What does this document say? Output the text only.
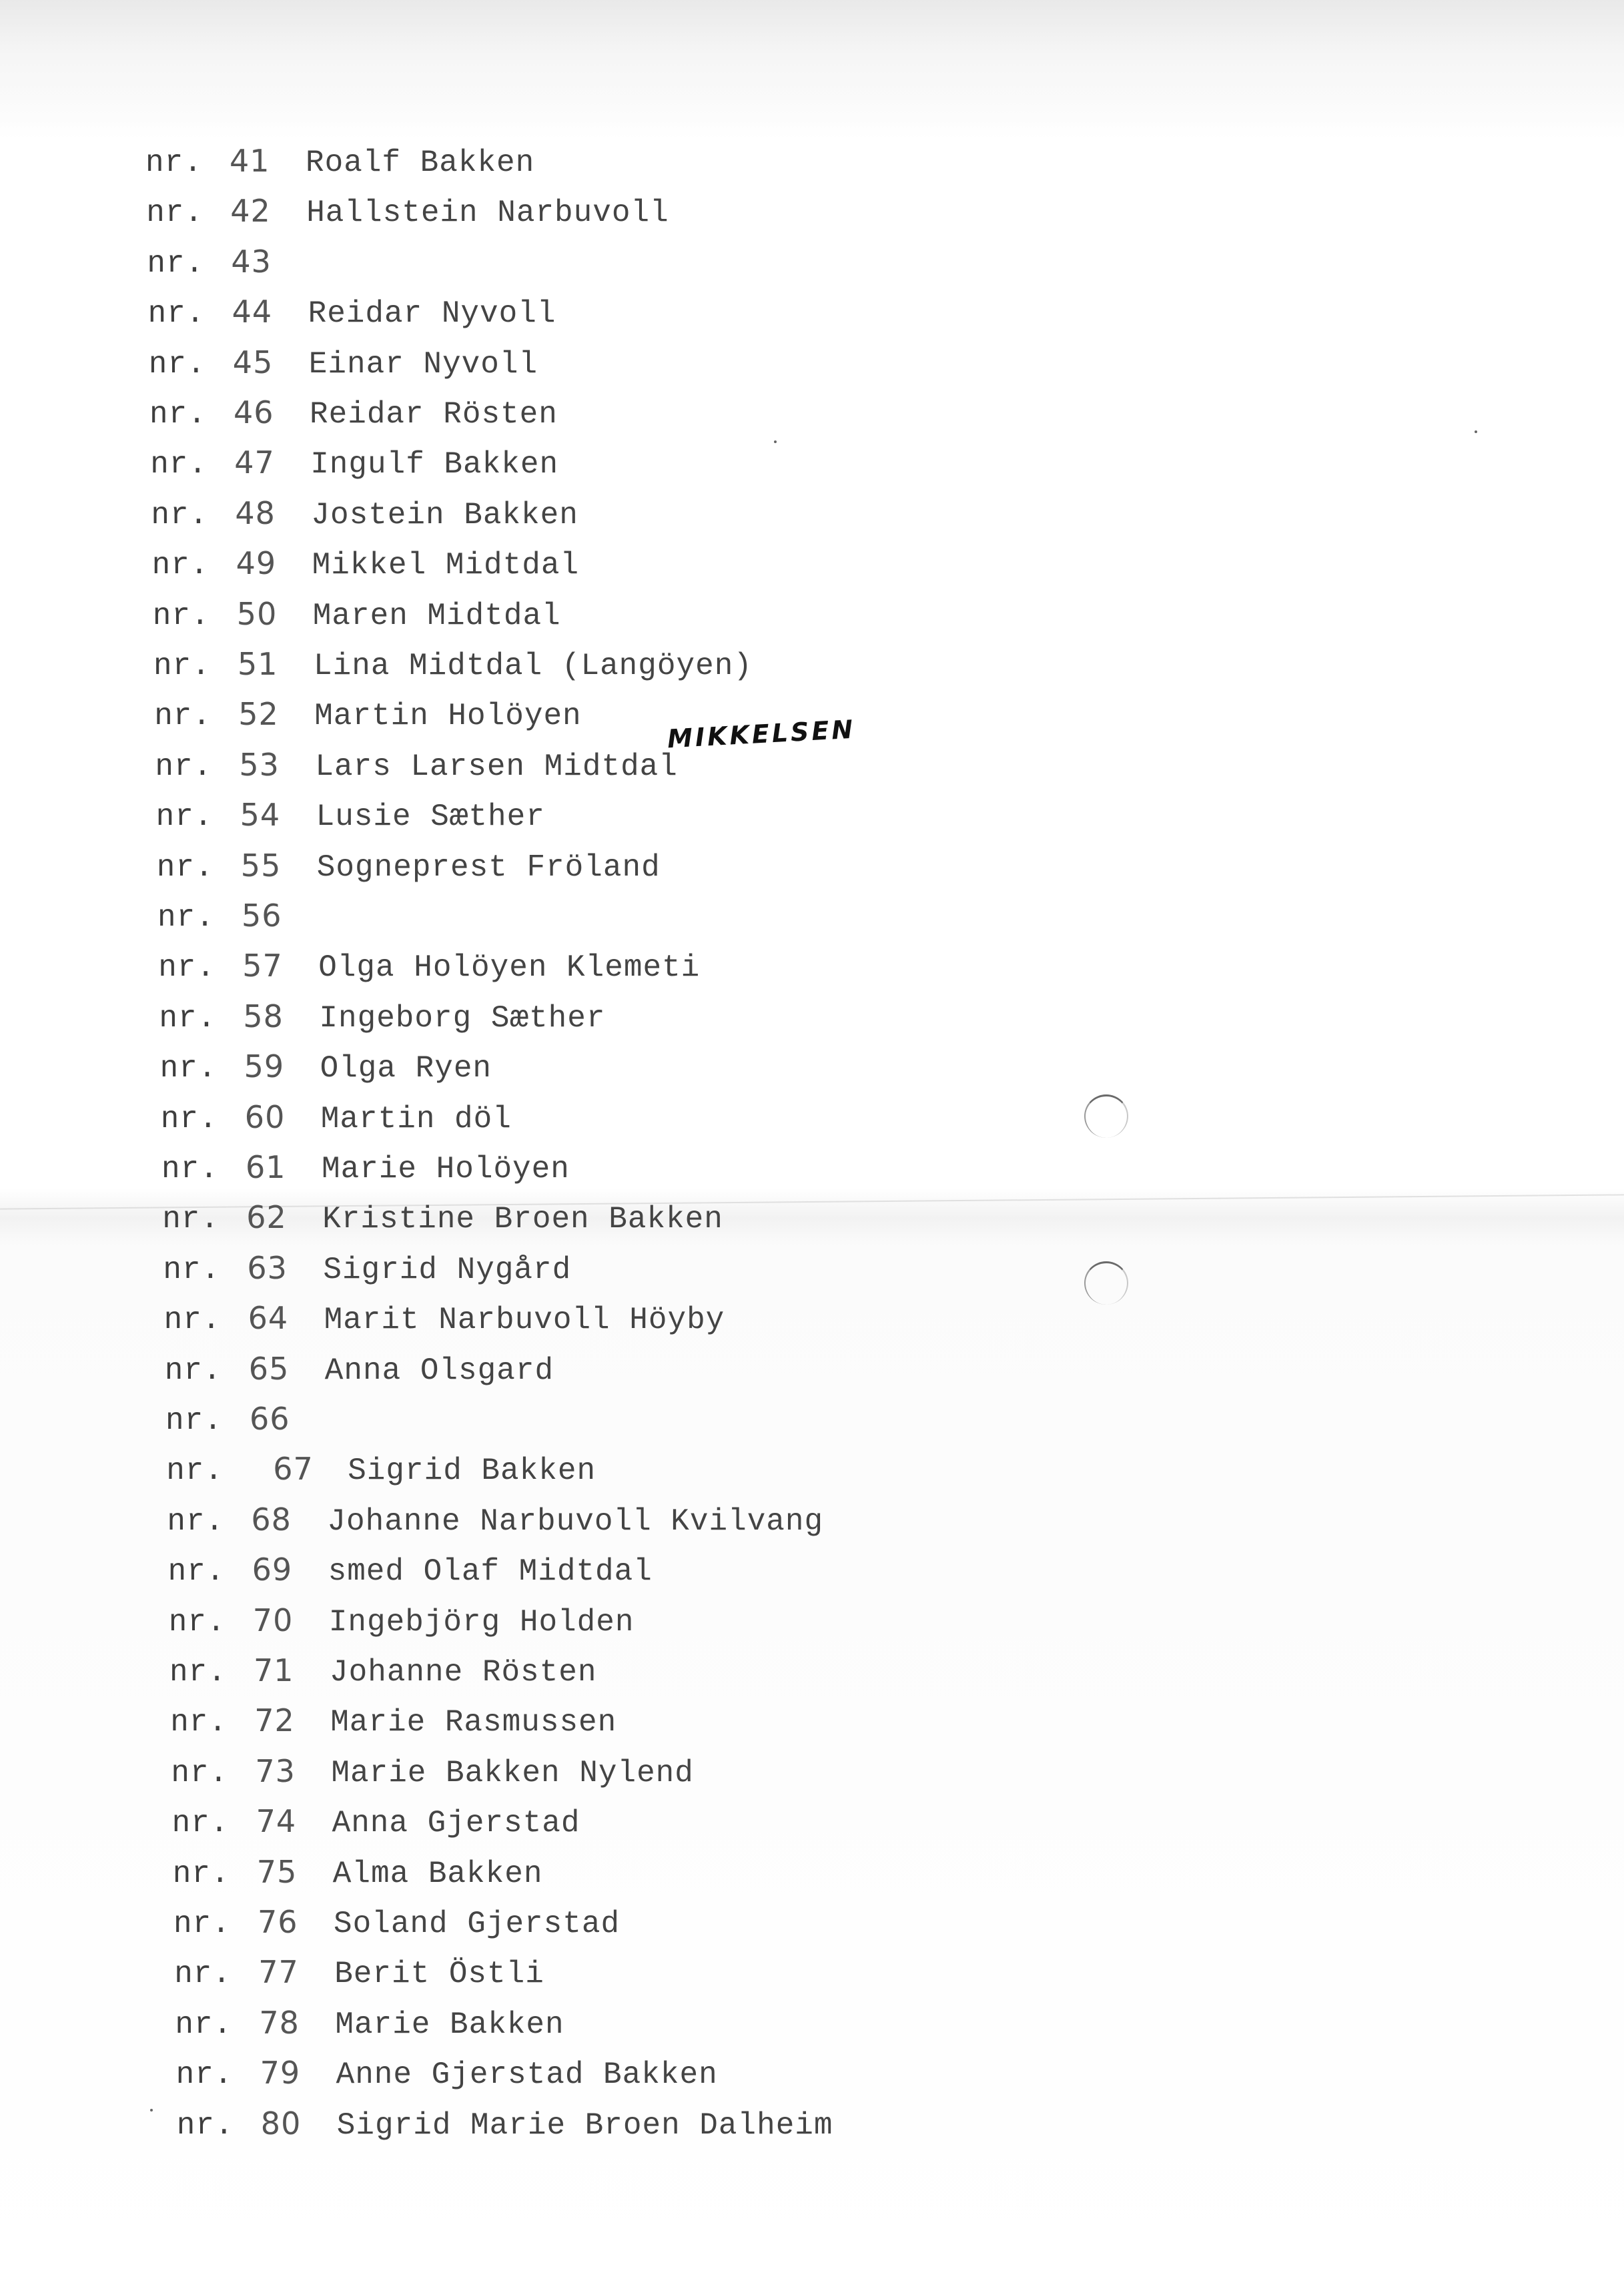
nr. 41 Roalf Bakken
nr. 42 Hallstein Narbuvoll
nr. 43
nr. 44 Reidar Nyvoll
nr. 45 Einar Nyvoll
nr. 46 Reidar Rösten
nr. 47 Ingulf Bakken
nr. 48 Jostein Bakken
nr. 49 Mikkel Midtdal
nr. 50 Maren Midtdal
nr. 51 Lina Midtdal (Langöyen)
nr. 52 Martin Holöyen
nr. 53 Lars Larsen Midtdal
nr. 54 Lusie Sæther
nr. 55 Sogneprest Fröland
nr. 56
nr. 57 Olga Holöyen Klemeti
nr. 58 Ingeborg Sæther
nr. 59 Olga Ryen
nr. 60 Martin döl
nr. 61 Marie Holöyen
nr. 62 Kristine Broen Bakken
nr. 63 Sigrid Nygård
nr. 64 Marit Narbuvoll Höyby
nr. 65 Anna Olsgard
nr. 66
nr. 67 Sigrid Bakken
nr. 68 Johanne Narbuvoll Kvilvang
nr. 69 smed Olaf Midtdal
nr. 70 Ingebjörg Holden
nr. 71 Johanne Rösten
nr. 72 Marie Rasmussen
nr. 73 Marie Bakken Nylend
nr. 74 Anna Gjerstad
nr. 75 Alma Bakken
nr. 76 Soland Gjerstad
nr. 77 Berit Östli
nr. 78 Marie Bakken
nr. 79 Anne Gjerstad Bakken
nr. 80 Sigrid Marie Broen Dalheim
MIKKELSEN
